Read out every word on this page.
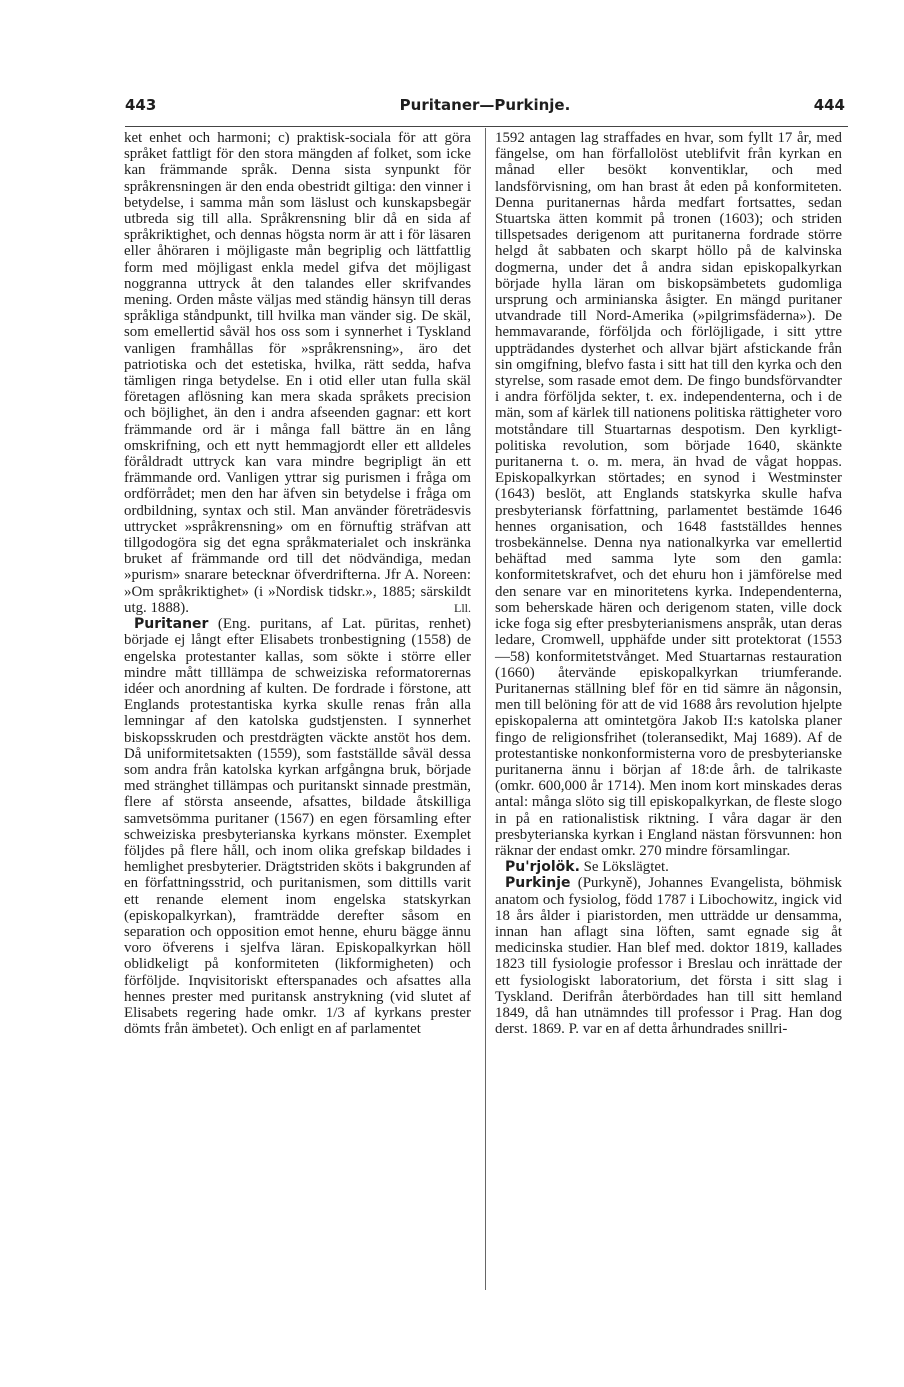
443	Puritaner—Purkinje.	444

ket enhet och harmoni; c) praktisk-sociala för att göra språket fattligt för den stora mängden af folket, som icke kan främmande språk. Denna sista synpunkt för språkrensningen är den enda obestridt giltiga: den vinner i betydelse, i samma mån som läslust och kunskapsbegär utbreda sig till alla. Språkrensning blir då en sida af språkriktighet, och dennas högsta norm är att i för läsaren eller åhöraren i möjligaste mån begriplig och lättfattlig form med möjligast enkla medel gifva det möjligast noggranna uttryck åt den talandes eller skrifvandes mening. Orden måste väljas med ständig hänsyn till deras språkliga ståndpunkt, till hvilka man vänder sig. De skäl, som emellertid såväl hos oss som i synnerhet i Tyskland vanligen framhållas för »språkrensning», äro det patriotiska och det estetiska, hvilka, rätt sedda, hafva tämligen ringa betydelse. En i otid eller utan fulla skäl företagen aflösning kan mera skada språkets precision och böjlighet, än den i andra afseenden gagnar: ett kort främmande ord är i många fall bättre än en lång omskrifning, och ett nytt hemmagjordt eller ett alldeles föråldradt uttryck kan vara mindre begripligt än ett främmande ord. Vanligen yttrar sig purismen i fråga om ordförrådet; men den har äfven sin betydelse i fråga om ordbildning, syntax och stil. Man använder företrädesvis uttrycket »språkrensning» om en förnuftig sträfvan att tillgodogöra sig det egna språkmaterialet och inskränka bruket af främmande ord till det nödvändiga, medan »purism» snarare betecknar öfverdrifterna. Jfr A. Noreen: »Om språkriktighet» (i »Nordisk tidskr.», 1885; särskildt utg. 1888).	Lll.

Puritaner (Eng. puritans, af Lat. pūritas, renhet) började ej långt efter Elisabets tronbestigning (1558) de engelska protestanter kallas, som sökte i större eller mindre mått tilllämpa de schweiziska reformatorernas idéer och anordning af kulten. De fordrade i förstone, att Englands protestantiska kyrka skulle renas från alla lemningar af den katolska gudstjensten. I synnerhet biskopsskruden och prestdrägten väckte anstöt hos dem. Då uniformitetsakten (1559), som fastställde såväl dessa som andra från katolska kyrkan arfgångna bruk, började med stränghet tillämpas och puritanskt sinnade prestmän, flere af största anseende, afsattes, bildade åtskilliga samvetsömma puritaner (1567) en egen församling efter schweiziska presbyterianska kyrkans mönster. Exemplet följdes på flere håll, och inom olika grefskap bildades i hemlighet presbyterier. Drägtstriden sköts i bakgrunden af en författningsstrid, och puritanismen, som dittills varit ett renande element inom engelska statskyrkan (episkopalkyrkan), framträdde derefter såsom en separation och opposition emot henne, ehuru bägge ännu voro öfverens i sjelfva läran. Episkopalkyrkan höll oblidkeligt på konformiteten (likformigheten) och förföljde. Inqvisitoriskt efterspanades och afsattes alla hennes prester med puritansk anstrykning (vid slutet af Elisabets regering hade omkr. 1/3 af kyrkans prester dömts från ämbetet). Och enligt en af parlamentet

1592 antagen lag straffades en hvar, som fyllt 17 år, med fängelse, om han förfallolöst uteblifvit från kyrkan en månad eller besökt konventiklar, och med landsförvisning, om han brast åt eden på konformiteten. Denna puritanernas hårda medfart fortsattes, sedan Stuartska ätten kommit på tronen (1603); och striden tillspetsades derigenom att puritanerna fordrade större helgd åt sabbaten och skarpt höllo på de kalvinska dogmerna, under det å andra sidan episkopalkyrkan började hylla läran om biskopsämbetets gudomliga ursprung och arminianska åsigter. En mängd puritaner utvandrade till Nord-Amerika (»pilgrimsfäderna»). De hemmavarande, förföljda och förlöjligade, i sitt yttre uppträdandes dysterhet och allvar bjärt afstickande från sin omgifning, blefvo fasta i sitt hat till den kyrka och den styrelse, som rasade emot dem. De fingo bundsförvandter i andra förföljda sekter, t. ex. independenterna, och i de män, som af kärlek till nationens politiska rättigheter voro motståndare till Stuartarnas despotism. Den kyrkligt-politiska revolution, som började 1640, skänkte puritanerna t. o. m. mera, än hvad de vågat hoppas. Episkopalkyrkan störtades; en synod i Westminster (1643) beslöt, att Englands statskyrka skulle hafva presbyteriansk författning, parlamentet bestämde 1646 hennes organisation, och 1648 fastställdes hennes trosbekännelse. Denna nya nationalkyrka var emellertid behäftad med samma lyte som den gamla: konformitetskrafvet, och det ehuru hon i jämförelse med den senare var en minoritetens kyrka. Independenterna, som beherskade hären och derigenom staten, ville dock icke foga sig efter presbyterianismens anspråk, utan deras ledare, Cromwell, upphäfde under sitt protektorat (1553—58) konformitetstvånget. Med Stuartarnas restauration (1660) återvände episkopalkyrkan triumferande. Puritanernas ställning blef för en tid sämre än någonsin, men till belöning för att de vid 1688 års revolution hjelpte episkopalerna att omintetgöra Jakob II:s katolska planer fingo de religionsfrihet (toleransedikt, Maj 1689). Af de protestantiske nonkonformisterna voro de presbyterianske puritanerna ännu i början af 18:de årh. de talrikaste (omkr. 600,000 år 1714). Men inom kort minskades deras antal: många slöto sig till episkopalkyrkan, de fleste slogo in på en rationalistisk riktning. I våra dagar är den presbyterianska kyrkan i England nästan försvunnen: hon räknar der endast omkr. 270 mindre församlingar.

Pu'rjolök. Se Lökslägtet.

Purkinje (Purkyně), Johannes Evangelista, böhmisk anatom och fysiolog, född 1787 i Libochowitz, ingick vid 18 års ålder i piaristorden, men utträdde ur densamma, innan han aflagt sina löften, samt egnade sig åt medicinska studier. Han blef med. doktor 1819, kallades 1823 till fysiologie professor i Breslau och inrättade der ett fysiologiskt laboratorium, det första i sitt slag i Tyskland. Derifrån återbördades han till sitt hemland 1849, då han utnämndes till professor i Prag. Han dog derst. 1869. P. var en af detta århundrades snillri-
